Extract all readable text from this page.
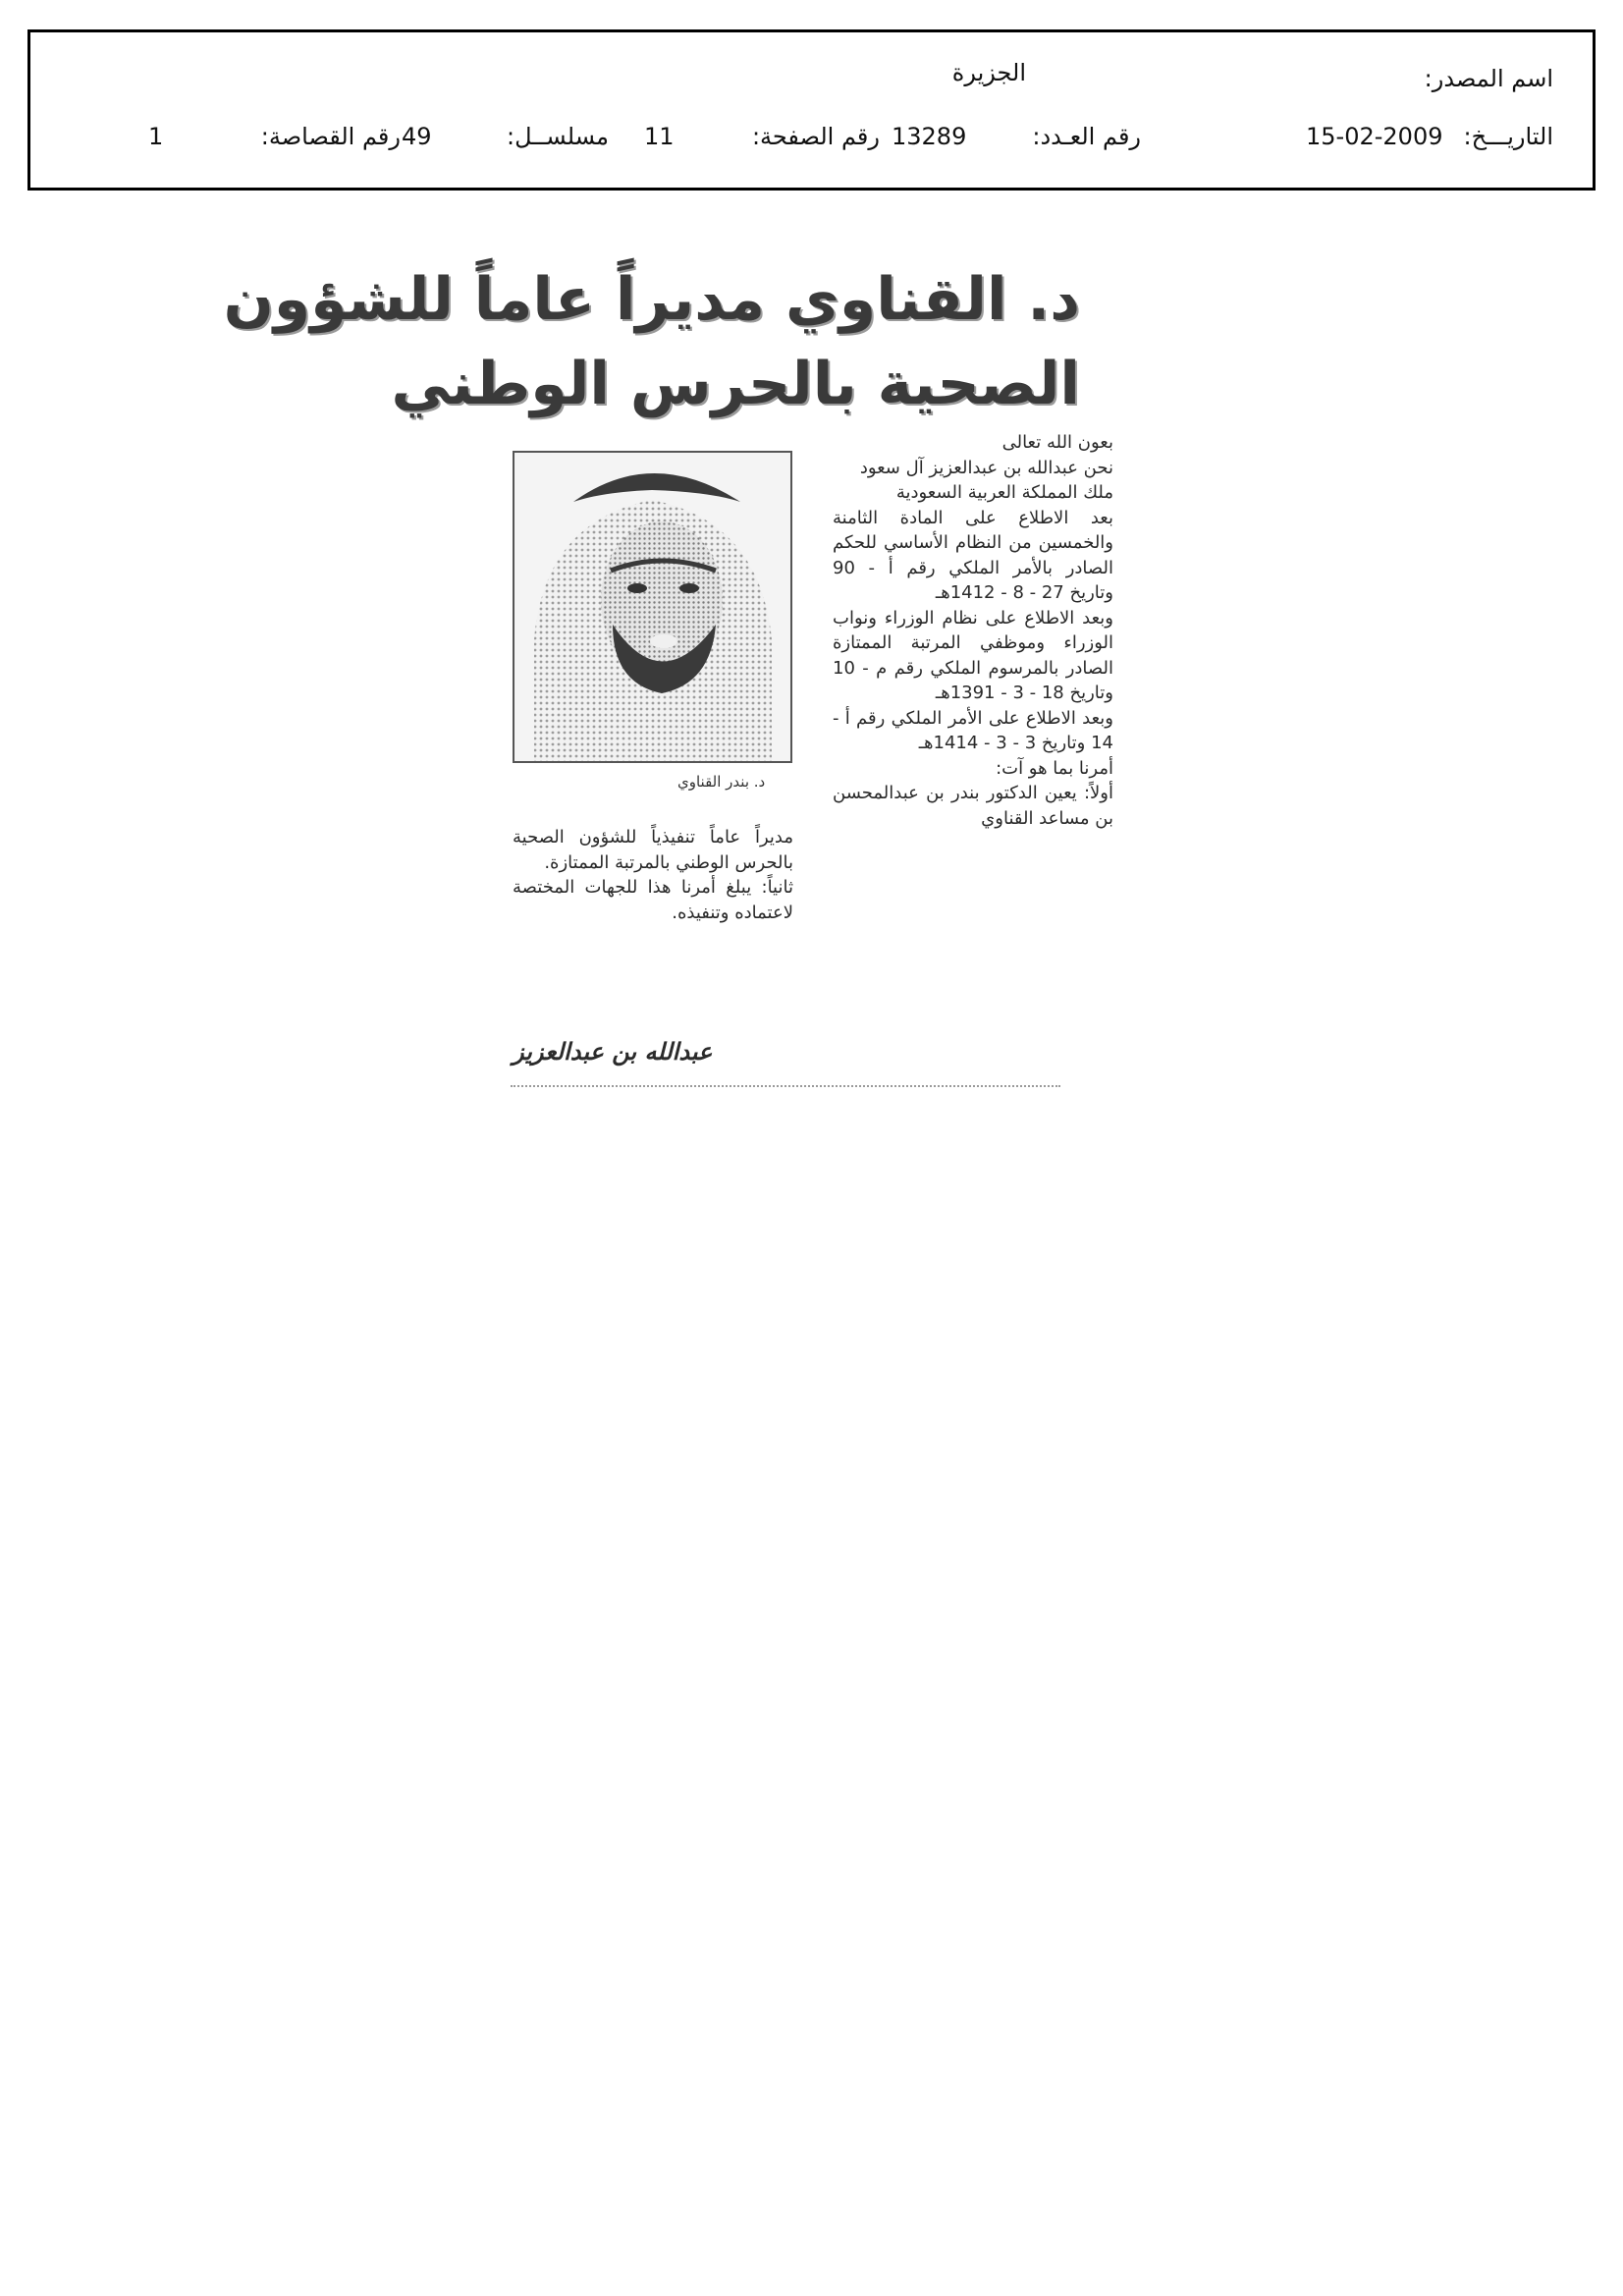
اسم المصدر:
الجزيرة
التاريـــخ:
15-02-2009
رقم العـدد:
13289
رقم الصفحة:
11
مسلســل:
49
رقم القصاصة:
1
د. القناوي مديراً عاماً للشؤون
الصحية بالحرس الوطني

بعون الله تعالى

نحن عبدالله بن عبدالعزيز آل سعود

ملك المملكة العربية السعودية

بعد الاطلاع على المادة الثامنة والخمسين من النظام الأساسي للحكم الصادر بالأمر الملكي رقم أ - 90 وتاريخ 27 - 8 - 1412هـ

وبعد الاطلاع على نظام الوزراء ونواب الوزراء وموظفي المرتبة الممتازة الصادر بالمرسوم الملكي رقم م - 10 وتاريخ 18 - 3 - 1391هـ

وبعد الاطلاع على الأمر الملكي رقم أ - 14 وتاريخ 3 - 3 - 1414هـ

أمرنا بما هو آت:

أولاً: يعين الدكتور بندر بن عبدالمحسن بن مساعد القناوي

د. بندر القناوي

مديراً عاماً تنفيذياً للشؤون الصحية بالحرس الوطني بالمرتبة الممتازة.

ثانياً: يبلغ أمرنا هذا للجهات المختصة لاعتماده وتنفيذه.

عبدالله بن عبدالعزيز
